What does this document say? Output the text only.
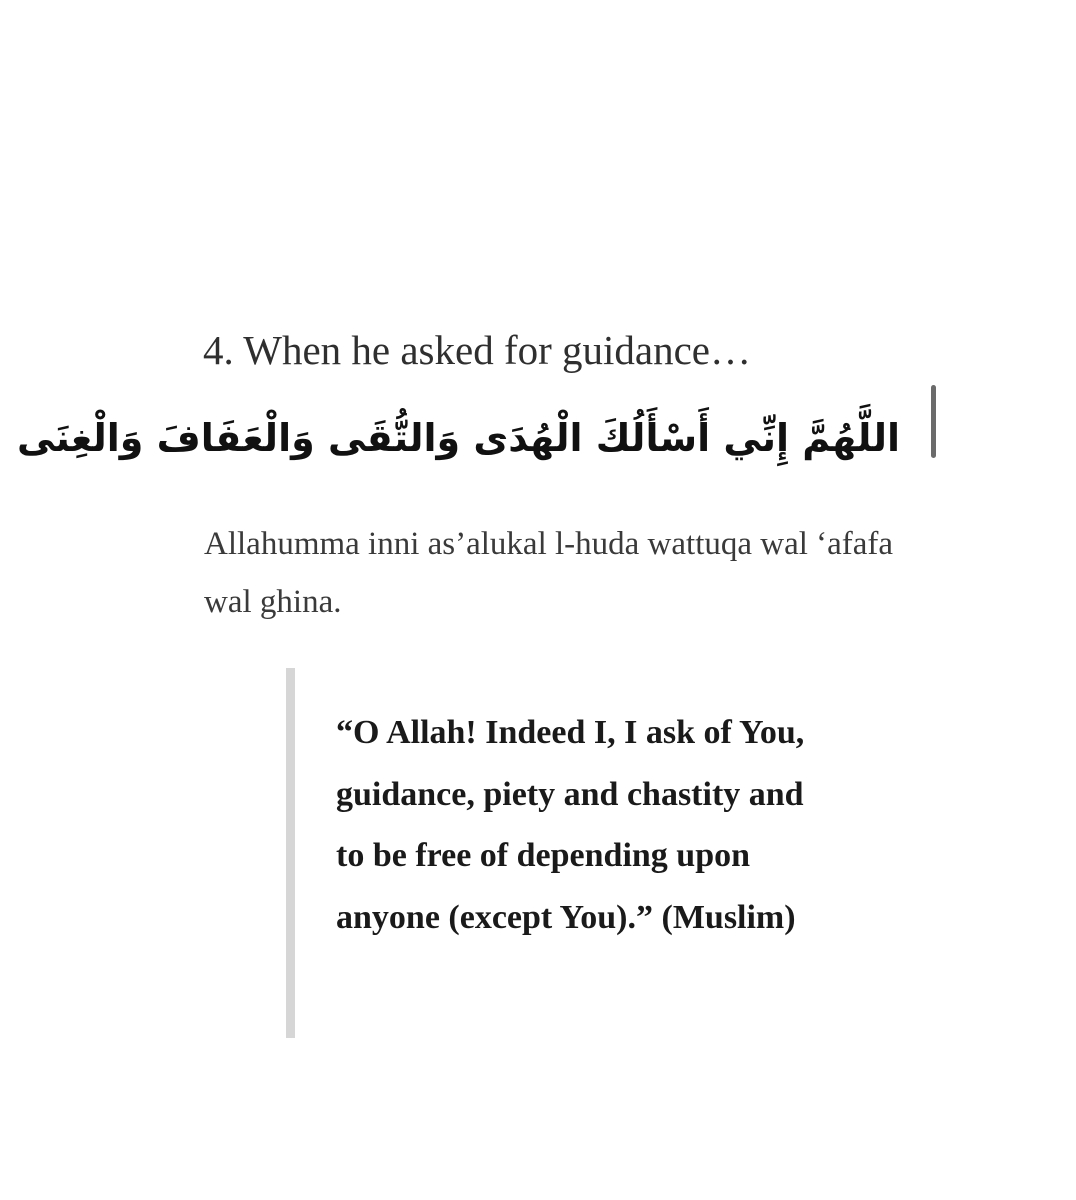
4. When he asked for guidance…

اللَّهُمَّ إِنِّي أَسْأَلُكَ الْهُدَى وَالتُّقَى وَالْعَفَافَ وَالْغِنَى

Allahumma inni as’alukal l-huda wattuqa wal ‘afafa wal ghina.

“O Allah! Indeed I, I ask of You, guidance, piety and chastity and to be free of depending upon anyone (except You).” (Muslim)
